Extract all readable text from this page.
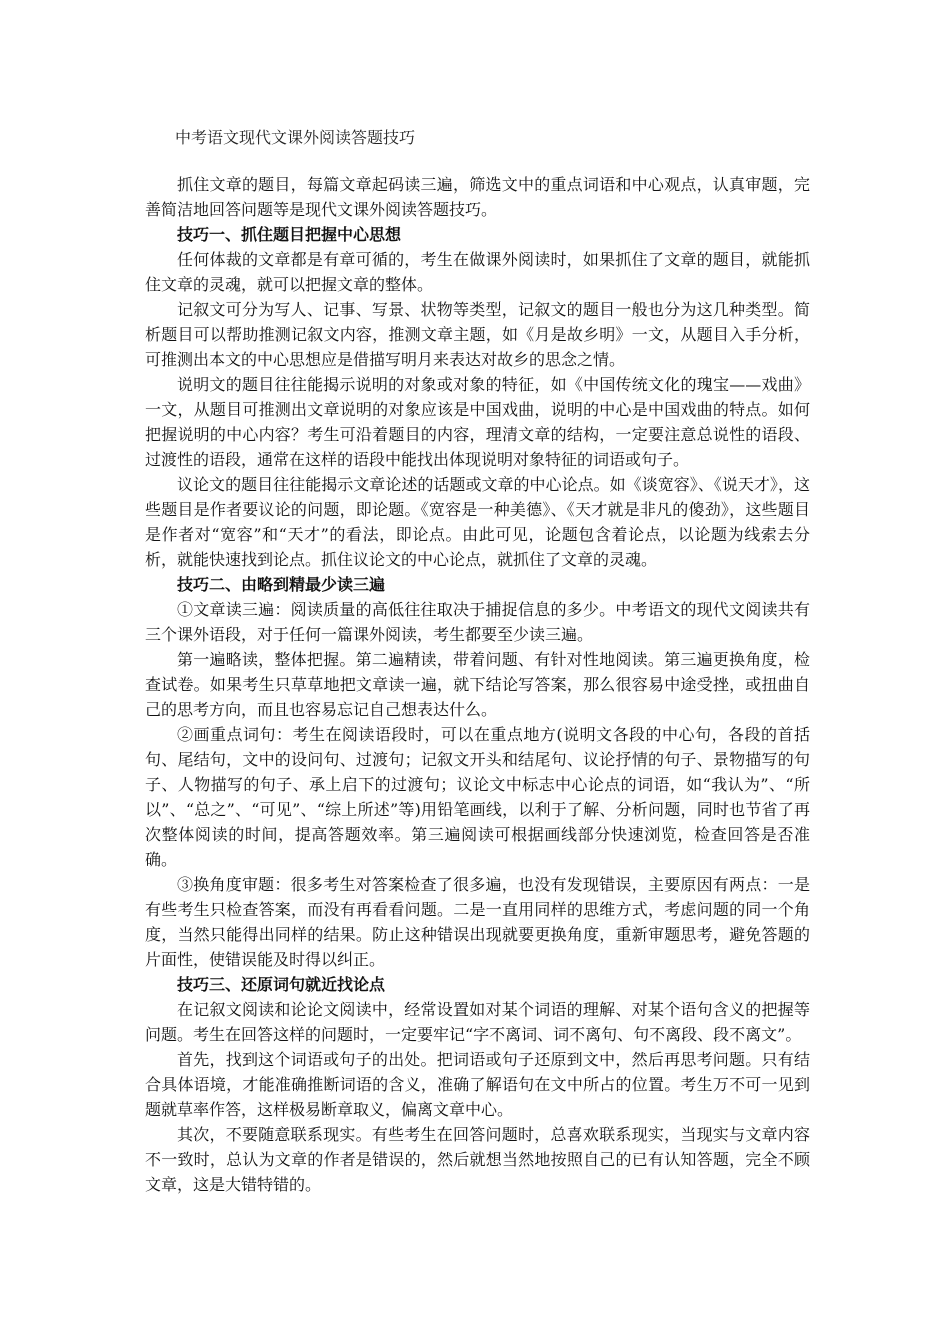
中考语文现代文课外阅读答题技巧

抓住文章的题目，每篇文章起码读三遍，筛选文中的重点词语和中心观点，认真审题，完善简洁地回答问题等是现代文课外阅读答题技巧。

技巧一、抓住题目把握中心思想

任何体裁的文章都是有章可循的，考生在做课外阅读时，如果抓住了文章的题目，就能抓住文章的灵魂，就可以把握文章的整体。

记叙文可分为写人、记事、写景、状物等类型，记叙文的题目一般也分为这几种类型。简析题目可以帮助推测记叙文内容，推测文章主题，如《月是故乡明》一文，从题目入手分析，可推测出本文的中心思想应是借描写明月来表达对故乡的思念之情。

说明文的题目往往能揭示说明的对象或对象的特征，如《中国传统文化的瑰宝——戏曲》一文，从题目可推测出文章说明的对象应该是中国戏曲，说明的中心是中国戏曲的特点。如何把握说明的中心内容？考生可沿着题目的内容，理清文章的结构，一定要注意总说性的语段、过渡性的语段，通常在这样的语段中能找出体现说明对象特征的词语或句子。

议论文的题目往往能揭示文章论述的话题或文章的中心论点。如《谈宽容》、《说天才》，这些题目是作者要议论的问题，即论题。《宽容是一种美德》、《天才就是非凡的傻劲》，这些题目是作者对“宽容”和“天才”的看法，即论点。由此可见，论题包含着论点，以论题为线索去分析，就能快速找到论点。抓住议论文的中心论点，就抓住了文章的灵魂。

技巧二、由略到精最少读三遍

①文章读三遍：阅读质量的高低往往取决于捕捉信息的多少。中考语文的现代文阅读共有三个课外语段，对于任何一篇课外阅读，考生都要至少读三遍。

第一遍略读，整体把握。第二遍精读，带着问题、有针对性地阅读。第三遍更换角度，检查试卷。如果考生只草草地把文章读一遍，就下结论写答案，那么很容易中途受挫，或扭曲自己的思考方向，而且也容易忘记自己想表达什么。

②画重点词句：考生在阅读语段时，可以在重点地方(说明文各段的中心句，各段的首括句、尾结句，文中的设问句、过渡句；记叙文开头和结尾句、议论抒情的句子、景物描写的句子、人物描写的句子、承上启下的过渡句；议论文中标志中心论点的词语，如“我认为”、“所以”、“总之”、“可见”、“综上所述”等)用铅笔画线，以利于了解、分析问题，同时也节省了再次整体阅读的时间，提高答题效率。第三遍阅读可根据画线部分快速浏览，检查回答是否准确。

③换角度审题：很多考生对答案检查了很多遍，也没有发现错误，主要原因有两点：一是有些考生只检查答案，而没有再看看问题。二是一直用同样的思维方式，考虑问题的同一个角度，当然只能得出同样的结果。防止这种错误出现就要更换角度，重新审题思考，避免答题的片面性，使错误能及时得以纠正。

技巧三、还原词句就近找论点

在记叙文阅读和论论文阅读中，经常设置如对某个词语的理解、对某个语句含义的把握等问题。考生在回答这样的问题时，一定要牢记“字不离词、词不离句、句不离段、段不离文”。

首先，找到这个词语或句子的出处。把词语或句子还原到文中，然后再思考问题。只有结合具体语境，才能准确推断词语的含义，准确了解语句在文中所占的位置。考生万不可一见到题就草率作答，这样极易断章取义，偏离文章中心。

其次，不要随意联系现实。有些考生在回答问题时，总喜欢联系现实，当现实与文章内容不一致时，总认为文章的作者是错误的，然后就想当然地按照自己的已有认知答题，完全不顾文章，这是大错特错的。
